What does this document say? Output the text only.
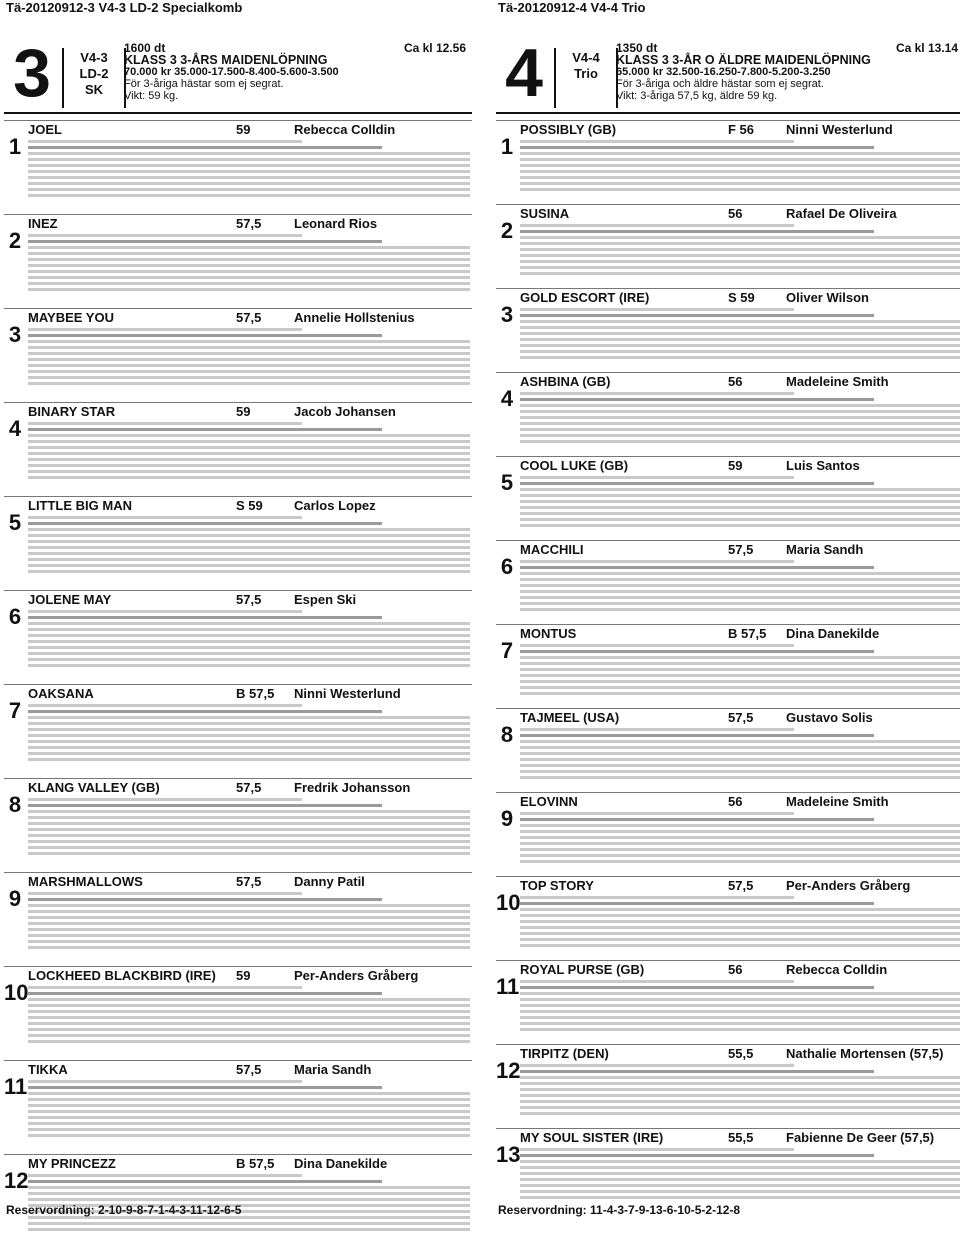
Tä-20120912-3 V4-3 LD-2 Specialkomb
3	V4-3
LD-2
SK
1600 dt	Ca kl 12.56
KLASS 3 3-ÅRS MAIDENLÖPNING
70.000 kr 35.000-17.500-8.400-5.600-3.500
För 3-åriga hästar som ej segrat.
Vikt: 59 kg.
1
JOEL	59	Rebecca Colldin
2
INEZ	57,5	Leonard Rios
3
MAYBEE YOU	57,5	Annelie Hollstenius
4
BINARY STAR	59	Jacob Johansen
5
LITTLE BIG MAN	S 59 Carlos Lopez
6
JOLENE MAY	57,5	Espen Ski
7
OAKSANA	B 57,5 Ninni Westerlund
8
KLANG VALLEY (GB)	57,5	Fredrik Johansson
9
MARSHMALLOWS	57,5	Danny Patil
10
LOCKHEED BLACKBIRD (IRE) 59	Per-Anders Gråberg
11
TIKKA	57,5	Maria Sandh
12
MY PRINCEZZ	B 57,5 Dina Danekilde
Reservordning: 2-10-9-8-7-1-4-3-11-12-6-5
Tä-20120912-4 V4-4 Trio
4	V4-4
Trio
1350 dt	Ca kl 13.14
KLASS 3 3-ÅR O ÄLDRE MAIDENLÖPNING
65.000 kr 32.500-16.250-7.800-5.200-3.250
För 3-åriga och äldre hästar som ej segrat.
Vikt: 3-åriga 57,5 kg, äldre 59 kg.
1
POSSIBLY (GB)	F 56 Ninni Westerlund
2
SUSINA	56	Rafael De Oliveira
3
GOLD ESCORT (IRE)	S 59 Oliver Wilson
4
ASHBINA (GB)	56	Madeleine Smith
5
COOL LUKE (GB)	59	Luis Santos
6
MACCHILI	57,5	Maria Sandh
7
MONTUS	B 57,5 Dina Danekilde
8
TAJMEEL (USA)	57,5	Gustavo Solis
9
ELOVINN	56	Madeleine Smith
10
TOP STORY	57,5	Per-Anders Gråberg
11
ROYAL PURSE (GB)	56	Rebecca Colldin
12
TIRPITZ (DEN)	55,5	Nathalie Mortensen (57,5)
13
MY SOUL SISTER (IRE)	55,5	Fabienne De Geer (57,5)
Reservordning: 11-4-3-7-9-13-6-10-5-2-12-8
